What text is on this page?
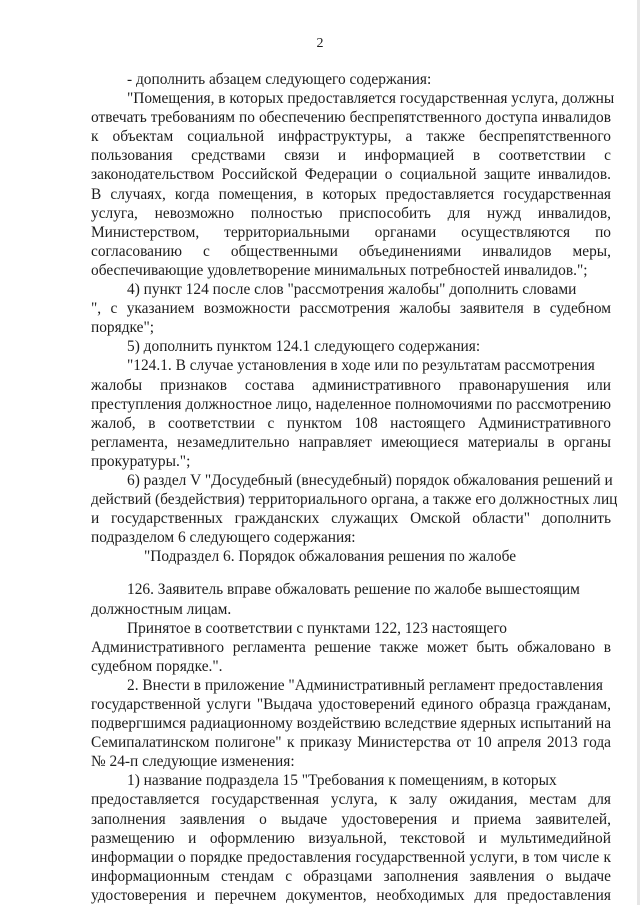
2
- дополнить абзацем следующего содержания:
"Помещения, в которых предоставляется государственная услуга, должны
отвечать требованиям по обеспечению беспрепятственного доступа инвалидов
к объектам социальной инфраструктуры, а также беспрепятственного
пользования средствами связи и информацией в соответствии с
законодательством Российской Федерации о социальной защите инвалидов.
В случаях, когда помещения, в которых предоставляется государственная
услуга, невозможно полностью приспособить для нужд инвалидов,
Министерством, территориальными органами осуществляются по
согласованию с общественными объединениями инвалидов меры,
обеспечивающие удовлетворение минимальных потребностей инвалидов.";
4) пункт 124 после слов "рассмотрения жалобы" дополнить словами
", с указанием возможности рассмотрения жалобы заявителя в судебном
порядке";
5) дополнить пунктом 124.1 следующего содержания:
"124.1. В случае установления в ходе или по результатам рассмотрения
жалобы признаков состава административного правонарушения или
преступления должностное лицо, наделенное полномочиями по рассмотрению
жалоб, в соответствии с пунктом 108 настоящего Административного
регламента, незамедлительно направляет имеющиеся материалы в органы
прокуратуры.";
6) раздел V "Досудебный (внесудебный) порядок обжалования решений и
действий (бездействия) территориального органа, а также его должностных лиц
и государственных гражданских служащих Омской области" дополнить
подразделом 6 следующего содержания:
"Подраздел 6. Порядок обжалования решения по жалобе
126. Заявитель вправе обжаловать решение по жалобе вышестоящим
должностным лицам.
Принятое в соответствии с пунктами 122, 123 настоящего
Административного регламента решение также может быть обжаловано в
судебном порядке.".
2. Внести в приложение "Административный регламент предоставления
государственной услуги "Выдача удостоверений единого образца гражданам,
подвергшимся радиационному воздействию вследствие ядерных испытаний на
Семипалатинском полигоне" к приказу Министерства от 10 апреля 2013 года
№ 24-п следующие изменения:
1) название подраздела 15 "Требования к помещениям, в которых
предоставляется государственная услуга, к залу ожидания, местам для
заполнения заявления о выдаче удостоверения и приема заявителей,
размещению и оформлению визуальной, текстовой и мультимедийной
информации о порядке предоставления государственной услуги, в том числе к
информационным стендам с образцами заполнения заявления о выдаче
удостоверения и перечнем документов, необходимых для предоставления
